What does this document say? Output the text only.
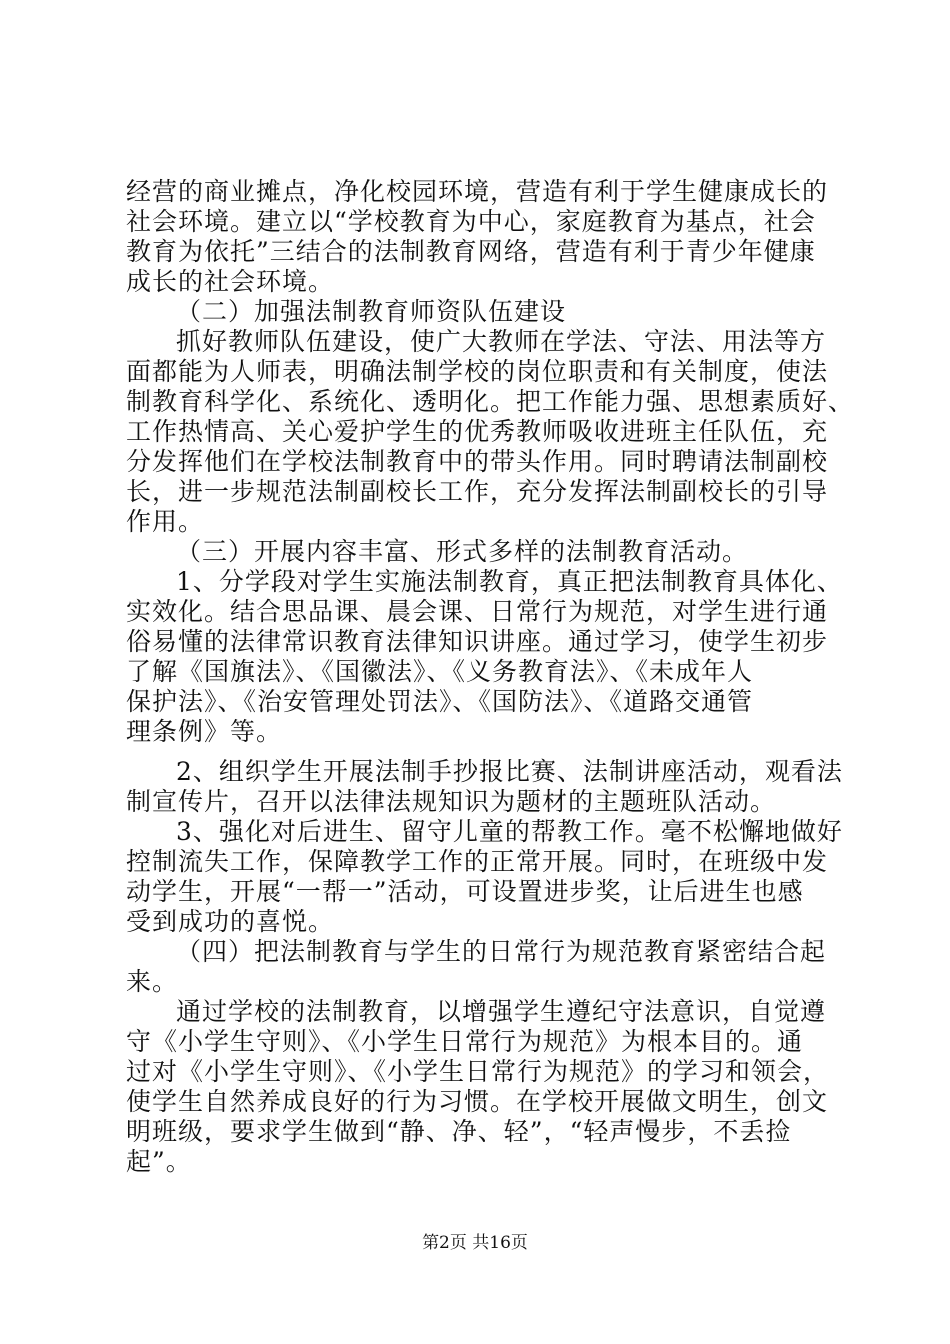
经营的商业摊点，净化校园环境，营造有利于学生健康成长的
社会环境。建立以“学校教育为中心，家庭教育为基点，社会
教育为依托”三结合的法制教育网络，营造有利于青少年健康
成长的社会环境。
（二）加强法制教育师资队伍建设
抓好教师队伍建设，使广大教师在学法、守法、用法等方
面都能为人师表，明确法制学校的岗位职责和有关制度，使法
制教育科学化、系统化、透明化。把工作能力强、思想素质好、
工作热情高、关心爱护学生的优秀教师吸收进班主任队伍，充
分发挥他们在学校法制教育中的带头作用。同时聘请法制副校
长，进一步规范法制副校长工作，充分发挥法制副校长的引导
作用。
（三）开展内容丰富、形式多样的法制教育活动。
1、分学段对学生实施法制教育，真正把法制教育具体化、
实效化。结合思品课、晨会课、日常行为规范，对学生进行通
俗易懂的法律常识教育法律知识讲座。通过学习，使学生初步
了解《国旗法》、《国徽法》、《义务教育法》、《未成年人
保护法》、《治安管理处罚法》、《国防法》、《道路交通管
理条例》等。
2、组织学生开展法制手抄报比赛、法制讲座活动，观看法
制宣传片，召开以法律法规知识为题材的主题班队活动。
3、强化对后进生、留守儿童的帮教工作。毫不松懈地做好
控制流失工作，保障教学工作的正常开展。同时，在班级中发
动学生，开展“一帮一”活动，可设置进步奖，让后进生也感
受到成功的喜悦。
（四）把法制教育与学生的日常行为规范教育紧密结合起
来。
通过学校的法制教育，以增强学生遵纪守法意识，自觉遵
守《小学生守则》、《小学生日常行为规范》为根本目的。通
过对《小学生守则》、《小学生日常行为规范》的学习和领会，
使学生自然养成良好的行为习惯。在学校开展做文明生，创文
明班级，要求学生做到“静、净、轻”，“轻声慢步，不丢捡
起”。
第2页 共16页
